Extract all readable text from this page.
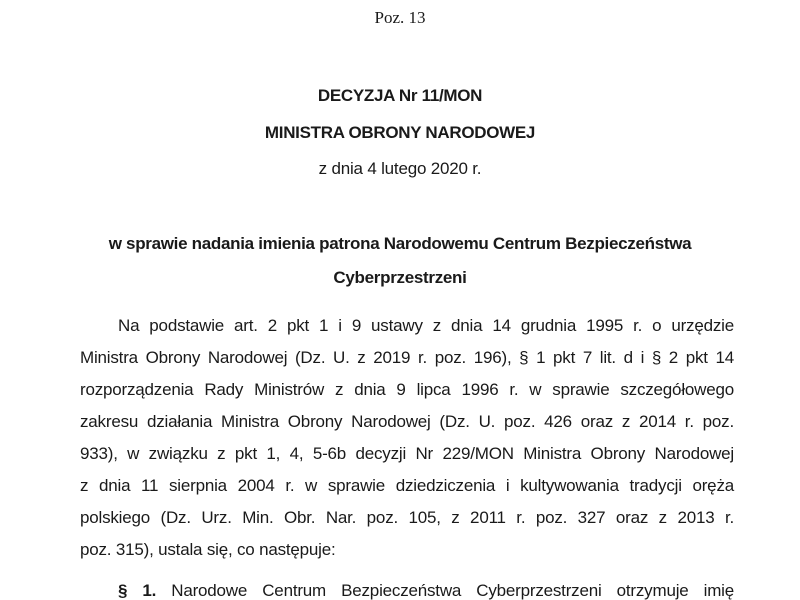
Poz. 13
DECYZJA Nr 11/MON
MINISTRA OBRONY NARODOWEJ
z dnia 4 lutego 2020 r.
w sprawie nadania imienia patrona Narodowemu Centrum Bezpieczeństwa
Cyberprzestrzeni
Na podstawie art. 2 pkt 1 i 9 ustawy z dnia 14 grudnia 1995 r. o urzędzie
Ministra Obrony Narodowej (Dz. U. z 2019 r. poz. 196), § 1 pkt 7 lit. d i § 2 pkt 14
rozporządzenia Rady Ministrów z dnia 9 lipca 1996 r. w sprawie szczegółowego
zakresu działania Ministra Obrony Narodowej (Dz. U. poz. 426 oraz z 2014 r. poz.
933), w związku z pkt 1, 4, 5-6b decyzji Nr 229/MON Ministra Obrony Narodowej
z dnia 11 sierpnia 2004 r. w sprawie dziedziczenia i kultywowania tradycji oręża
polskiego (Dz. Urz. Min. Obr. Nar. poz. 105, z 2011 r. poz. 327 oraz z 2013 r.
poz. 315), ustala się, co następuje:
§ 1. Narodowe Centrum Bezpieczeństwa Cyberprzestrzeni otrzymuje imię
